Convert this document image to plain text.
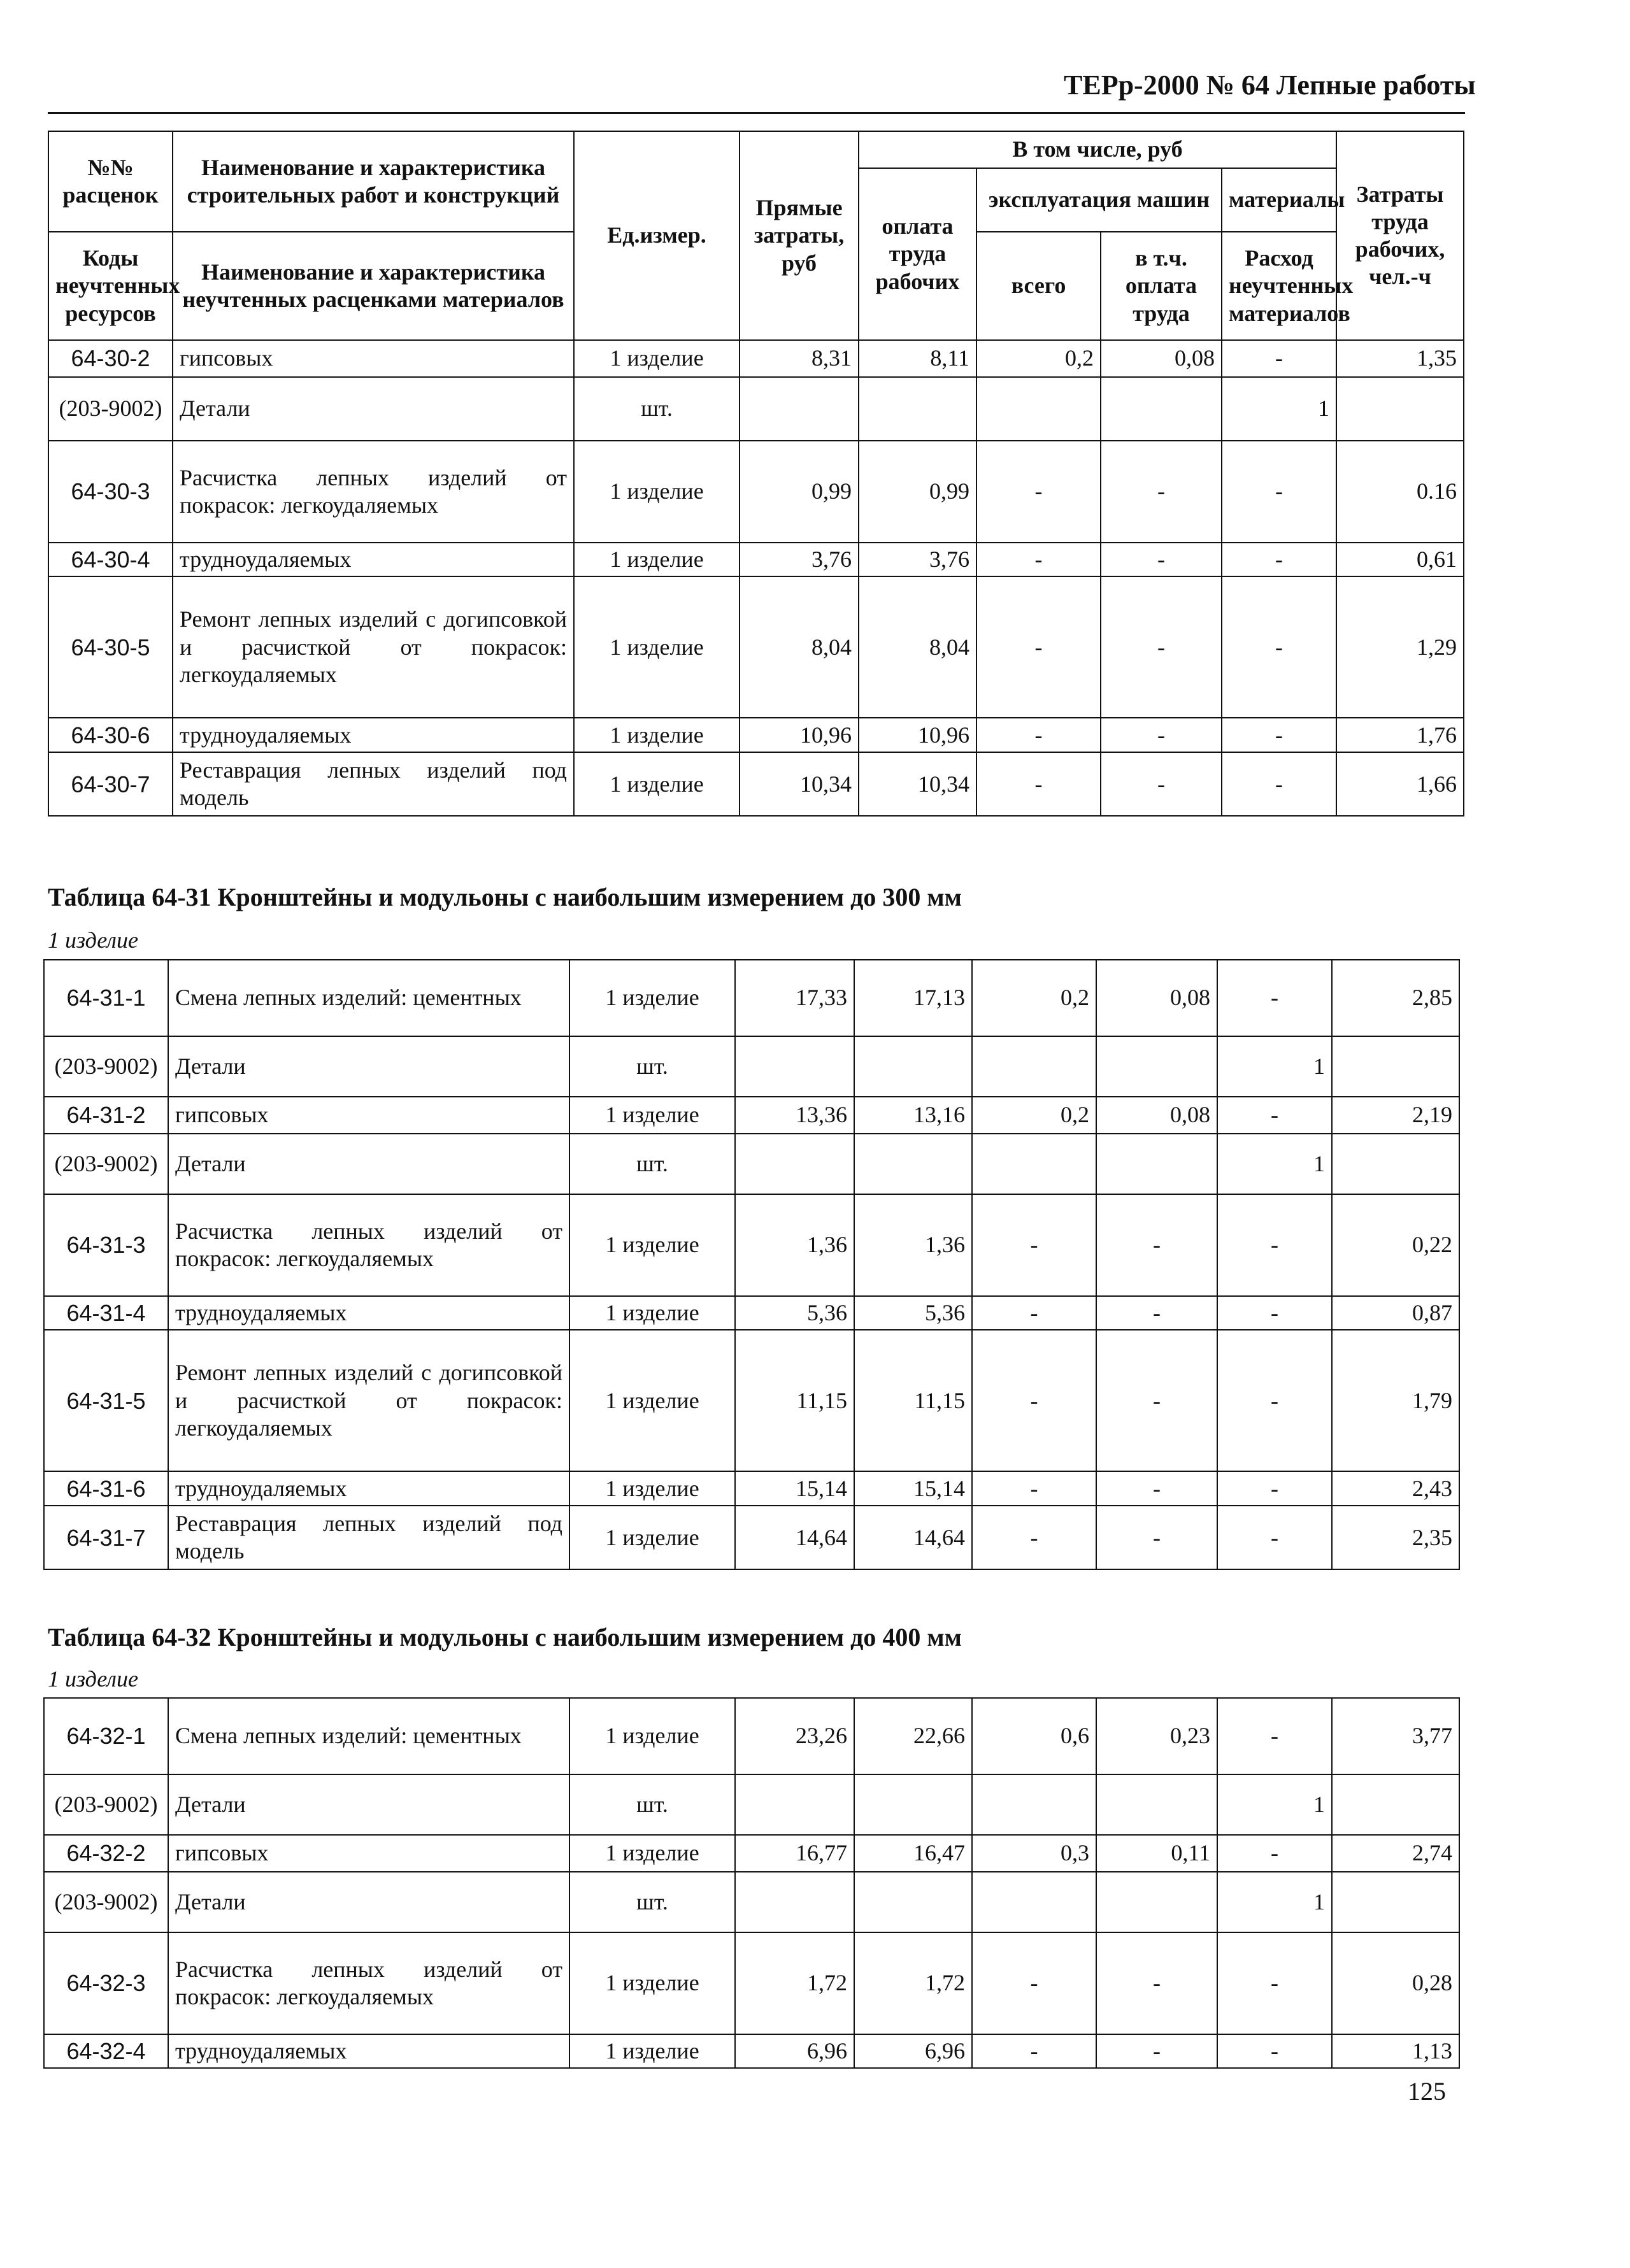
ТЕРр-2000 № 64 Лепные работы
№№ расценок	Наименование и характеристика строительных работ и конструкций	Ед.измер.	Прямые затраты, руб	В том числе, руб				Затраты труда рабочих, чел.-ч
				оплата труда рабочих	эксплуатация машин		материалы	

Коды неучтенных ресурсов	Наименование и характеристика неучтенных расценками материалов				всего	в т.ч. оплата труда	Расход неучтенных материалов	

64-30-2	гипсовых	1 изделие	8,31	8,11	0,2	0,08	-	1,35
(203-9002)	Детали	шт.					1	
64-30-3	Расчистка лепных изделий от покрасок: легкоудаляемых	1 изделие	0,99	0,99	-	-	-	0.16
64-30-4	трудноудаляемых	1 изделие	3,76	3,76	-	-	-	0,61
64-30-5	Ремонт лепных изделий с догипсовкой и расчисткой от покрасок: легкоудаляемых	1 изделие	8,04	8,04	-	-	-	1,29
64-30-6	трудноудаляемых	1 изделие	10,96	10,96	-	-	-	1,76
64-30-7	Реставрация лепных изделий под модель	1 изделие	10,34	10,34	-	-	-	1,66
Таблица 64-31 Кронштейны и модульоны с наибольшим измерением до 300 мм
1 изделие
64-31-1	Смена лепных изделий: цементных	1 изделие	17,33	17,13	0,2	0,08	-	2,85
(203-9002)	Детали	шт.					1	
64-31-2	гипсовых	1 изделие	13,36	13,16	0,2	0,08	-	2,19
(203-9002)	Детали	шт.					1	
64-31-3	Расчистка лепных изделий от покрасок: легкоудаляемых	1 изделие	1,36	1,36	-	-	-	0,22
64-31-4	трудноудаляемых	1 изделие	5,36	5,36	-	-	-	0,87
64-31-5	Ремонт лепных изделий с догипсовкой и расчисткой от покрасок: легкоудаляемых	1 изделие	11,15	11,15	-	-	-	1,79
64-31-6	трудноудаляемых	1 изделие	15,14	15,14	-	-	-	2,43
64-31-7	Реставрация лепных изделий под модель	1 изделие	14,64	14,64	-	-	-	2,35
Таблица 64-32 Кронштейны и модульоны с наибольшим измерением до 400 мм
1 изделие
64-32-1	Смена лепных изделий: цементных	1 изделие	23,26	22,66	0,6	0,23	-	3,77
(203-9002)	Детали	шт.					1	
64-32-2	гипсовых	1 изделие	16,77	16,47	0,3	0,11	-	2,74
(203-9002)	Детали	шт.					1	
64-32-3	Расчистка лепных изделий от покрасок: легкоудаляемых	1 изделие	1,72	1,72	-	-	-	0,28
64-32-4	трудноудаляемых	1 изделие	6,96	6,96	-	-	-	1,13
125
